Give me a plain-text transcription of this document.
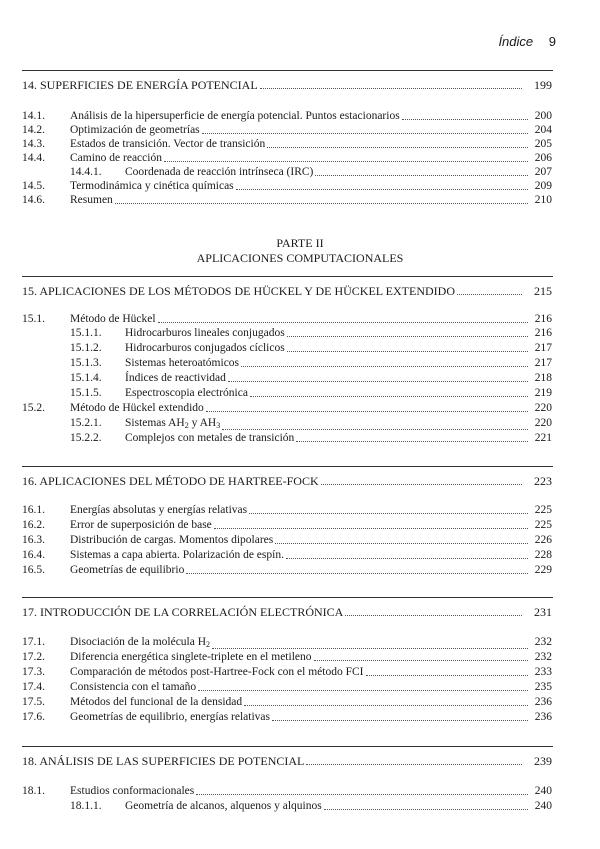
Índice 9
14. SUPERFICIES DE ENERGÍA POTENCIAL	199
14.1. Análisis de la hipersuperficie de energía potencial. Puntos estacionarios	200
14.2. Optimización de geometrías	204
14.3. Estados de transición. Vector de transición	205
14.4. Camino de reacción	206
14.4.1. Coordenada de reacción intrínseca (IRC)	207
14.5. Termodinámica y cinética químicas	209
14.6. Resumen	210
PARTE II
APLICACIONES COMPUTACIONALES
15. APLICACIONES DE LOS MÉTODOS DE HÜCKEL Y DE HÜCKEL EXTENDIDO	215
15.1. Método de Hückel	216
15.1.1. Hidrocarburos lineales conjugados	216
15.1.2. Hidrocarburos conjugados cíclicos	217
15.1.3. Sistemas heteroatómicos	217
15.1.4. Índices de reactividad	218
15.1.5. Espectroscopia electrónica	219
15.2. Método de Hückel extendido	220
15.2.1. Sistemas $AH_2$ y $AH_3$	220
15.2.2. Complejos con metales de transición	221
16. APLICACIONES DEL MÉTODO DE HARTREE-FOCK	223
16.1. Energías absolutas y energías relativas	225
16.2. Error de superposición de base	225
16.3. Distribución de cargas. Momentos dipolares	226
16.4. Sistemas a capa abierta. Polarización de espín.	228
16.5. Geometrías de equilibrio	229
17. INTRODUCCIÓN DE LA CORRELACIÓN ELECTRÓNICA	231
17.1. Disociación de la molécula $H_2$	232
17.2. Diferencia energética singlete-triplete en el metileno	232
17.3. Comparación de métodos post-Hartree-Fock con el método FCI	233
17.4. Consistencia con el tamaño	235
17.5. Métodos del funcional de la densidad	236
17.6. Geometrías de equilibrio, energías relativas	236
18. ANÁLISIS DE LAS SUPERFICIES DE POTENCIAL	239
18.1. Estudios conformacionales	240
18.1.1. Geometría de alcanos, alquenos y alquinos	240
